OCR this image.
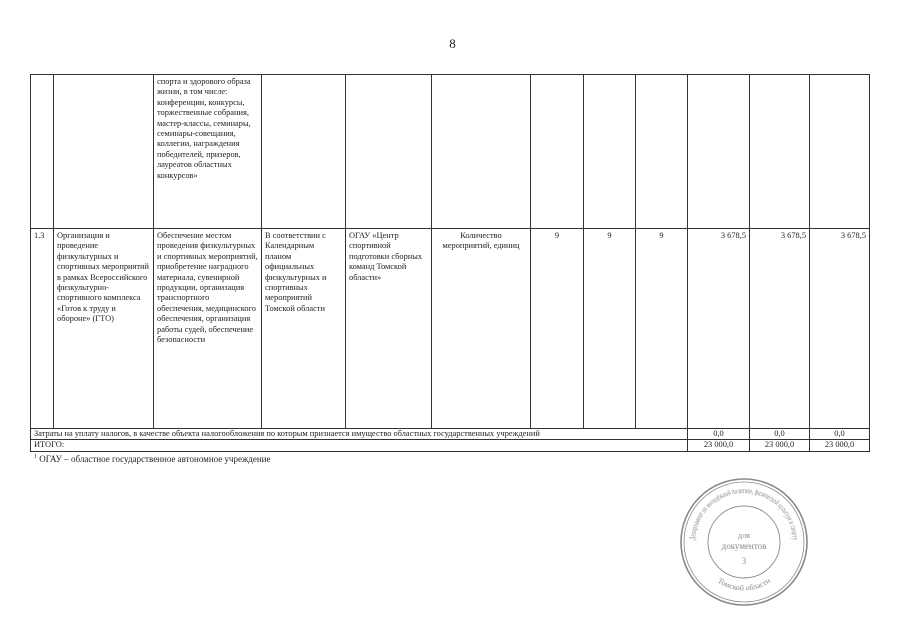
8
		спорта и здорового образа жизни, в том числе: конференции, конкурсы, торжественные собрания, мастер-классы, семинары, семинары-совещания, коллегии, награждения победителей, призеров, лауреатов областных конкурсов»									
1.3	Организация и проведение физкультурных и спортивных мероприятий в рамках Всероссийского физкультурно-спортивного комплекса «Готов к труду и обороне» (ГТО)	Обеспечение местом проведения физкультурных и спортивных мероприятий, приобретение наградного материала, сувенирной продукции, организация транспортного обеспечения, медицинского обеспечения, организация работы судей, обеспечение безопасности	В соответствии с Календарным планом официальных физкультурных и спортивных мероприятий Томской области	ОГАУ «Центр спортивной подготовки сборных команд Томской области»	Количество мероприятий, единиц	9	9	9	3 678,5	3 678,5	3 678,5
Затраты на уплату налогов, в качестве объекта налогообложения по которым признается имущество областных государственных учреждений									0,0	0,0	0,0
ИТОГО:									23 000,0	23 000,0	23 000,0
$^1$ ОГАУ – областное государственное автономное учреждение
Департамент по молодёжной политике, физической культуре и спорту
Томской области
для
документов
3
